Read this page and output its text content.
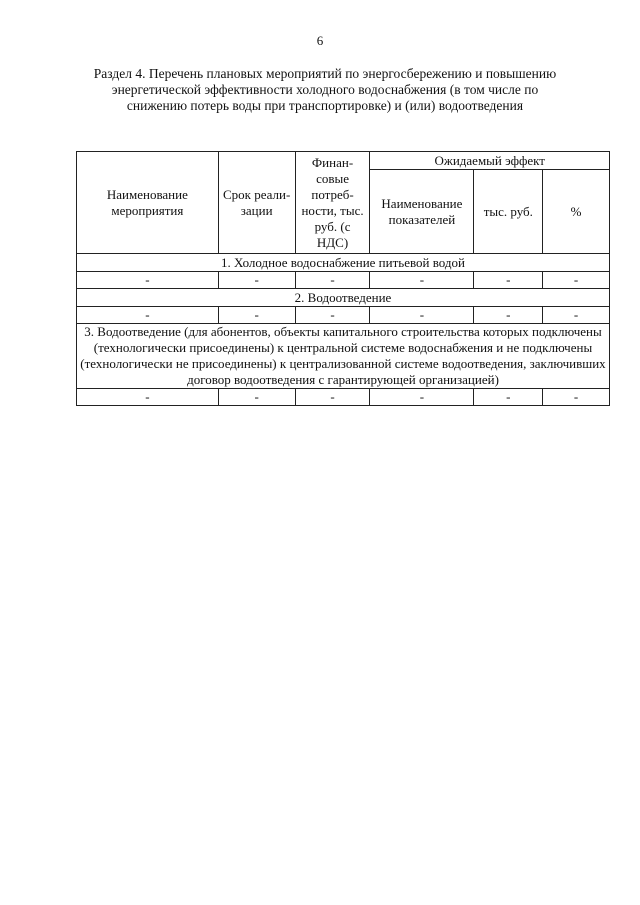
6
Раздел 4. Перечень плановых мероприятий по энергосбережению и повышению энергетической эффективности холодного водоснабжения (в том числе по снижению потерь воды при транспортировке) и (или) водоотведения
Наименование мероприятия	Срок реали-зации	Финан-совые потреб-ности, тыс. руб. (с НДС)	Ожидаемый эффект		
			Наименование показателей	тыс. руб.	%
1. Холодное водоснабжение питьевой водой					
-	-	-	-	-	-
2. Водоотведение					
-	-	-	-	-	-
3. Водоотведение (для абонентов, объекты капитального строительства которых подключены (технологически присоединены) к центральной системе водоснабжения и не подключены (технологически не присоединены) к централизованной системе водоотведения, заключивших договор водоотведения с гарантирующей организацией)					
-	-	-	-	-	-
